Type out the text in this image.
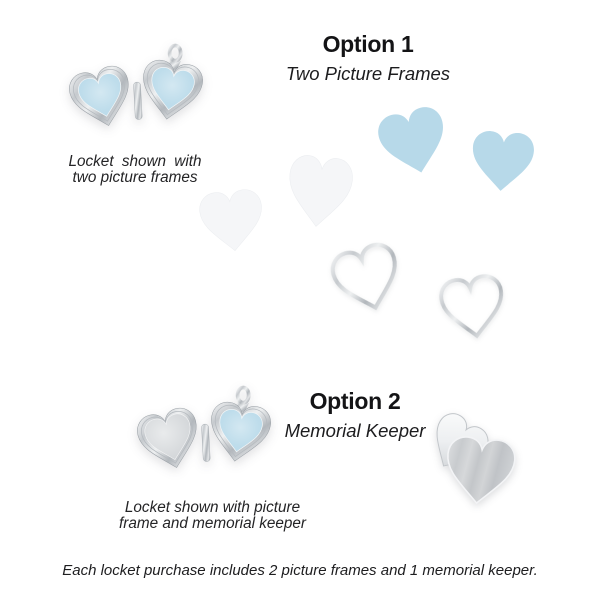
Locket shown with
two picture frames
Option 1
Two Picture Frames
Option 2
Memorial Keeper
Locket shown with picture
frame and memorial keeper
Each locket purchase includes 2 picture frames and 1 memorial keeper.
